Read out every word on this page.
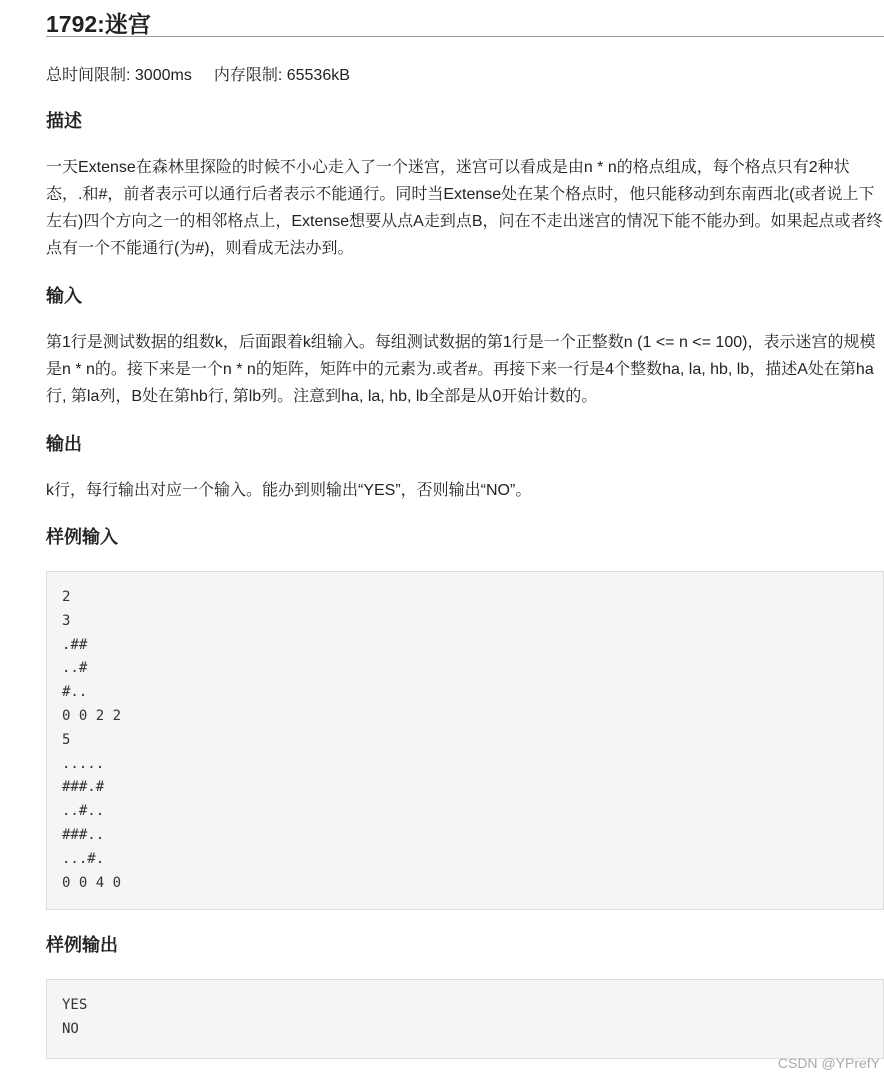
1792:迷宫
总时间限制: 3000ms 内存限制: 65536kB
描述

一天Extense在森林里探险的时候不小心走入了一个迷宫，迷宫可以看成是由n * n的格点组成，每个格点只有2种状态，.和#，前者表示可以通行后者表示不能通行。同时当Extense处在某个格点时，他只能移动到东南西北(或者说上下左右)四个方向之一的相邻格点上，Extense想要从点A走到点B，问在不走出迷宫的情况下能不能办到。如果起点或者终点有一个不能通行(为#)，则看成无法办到。

输入

第1行是测试数据的组数k，后面跟着k组输入。每组测试数据的第1行是一个正整数n (1 <= n <= 100)，表示迷宫的规模是n * n的。接下来是一个n * n的矩阵，矩阵中的元素为.或者#。再接下来一行是4个整数ha, la, hb, lb，描述A处在第ha行, 第la列，B处在第hb行, 第lb列。注意到ha, la, hb, lb全部是从0开始计数的。

输出

k行，每行输出对应一个输入。能办到则输出“YES”，否则输出“NO”。

样例输入
2
3
.##
..#
#..
0 0 2 2
5
.....
###.#
..#..
###..
...#.
0 0 4 0
样例输出
YES
NO
CSDN @YPrefY
